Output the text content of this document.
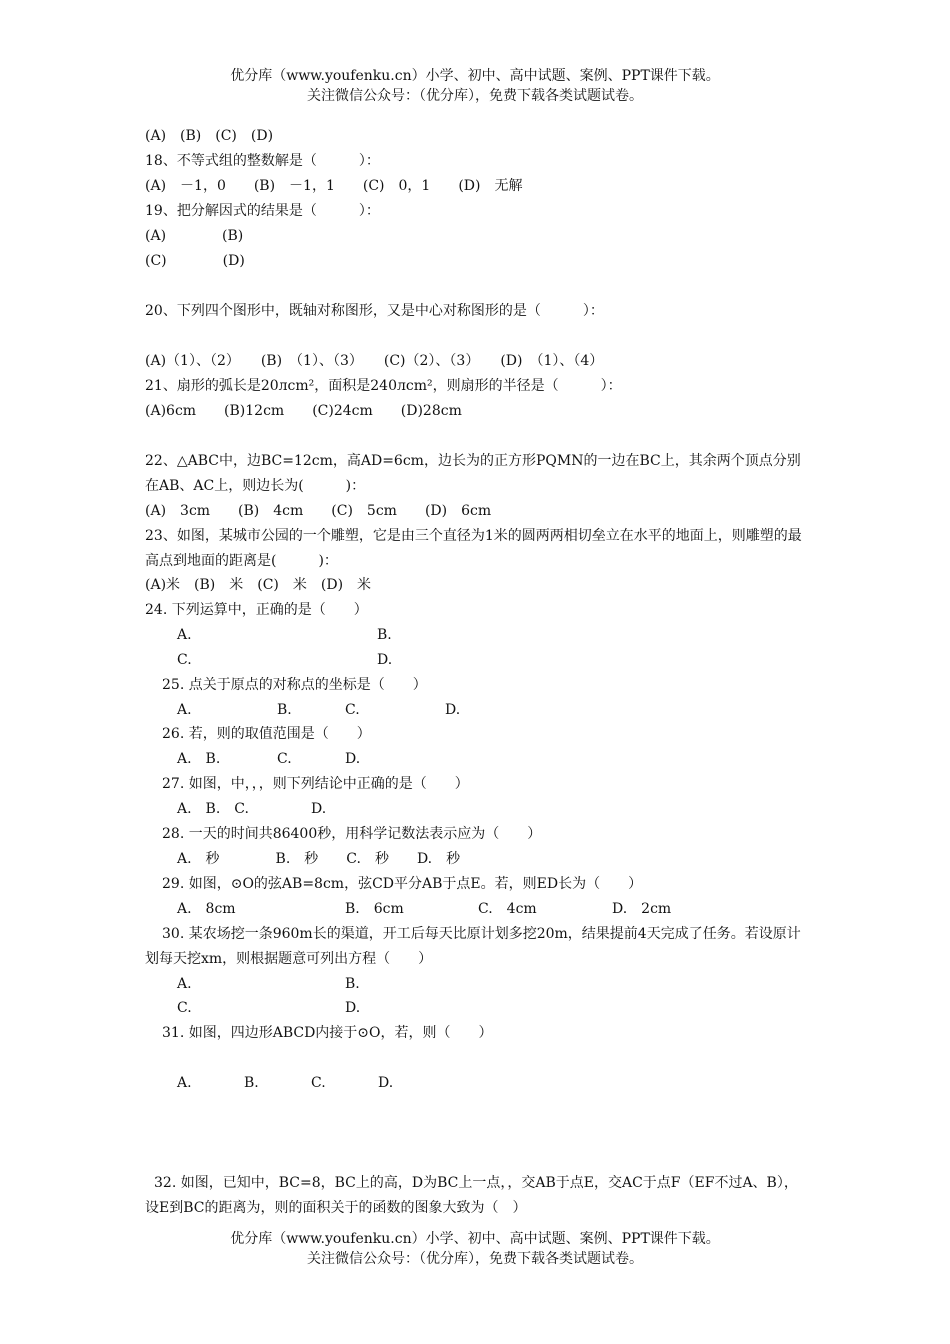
优分库（www.youfenku.cn）小学、初中、高中试题、案例、PPT课件下载。
关注微信公众号：（优分库），免费下载各类试题试卷。
(A)　(B)　(C)　(D)
18、不等式组的整数解是（　　　）：
(A)　－1，0　　(B)　－1，1　　(C)　0，1　　(D)　无解
19、把分解因式的结果是（　　　）：
(A)　　　　(B)
(C)　　　　(D)
20、下列四个图形中，既轴对称图形，又是中心对称图形的是（　　　）：
(A)（1）、（2）　　(B)　（1）、（3）　　(C)（2）、（3）　　(D)　（1）、（4）
21、扇形的弧长是20лcm²，面积是240лcm²，则扇形的半径是（　　　）：
(A)6cm　　(B)12cm　　(C)24cm　　(D)28cm
22、△ABC中，边BC=12cm，高AD=6cm，边长为的正方形PQMN的一边在BC上，其余两个顶点分别在AB、AC上，则边长为(　　　)：
(A)　3cm　　(B)　4cm　　(C)　5cm　　(D)　6cm
23、如图，某城市公园的一个雕塑，它是由三个直径为1米的圆两两相切垒立在水平的地面上，则雕塑的最高点到地面的距离是(　　　)：
(A)米　(B)　米　(C)　米　(D)　米
24. 下列运算中，正确的是（　　）
A.	B.
C.	D.
25. 点关于原点的对称点的坐标是（　　）
A.	B.	C.	D.
26. 若，则的取值范围是（　　）
A.　B.	C.	D.
27. 如图，中，，，则下列结论中正确的是（　　）
A.　B.　C.	D.
28. 一天的时间共86400秒，用科学记数法表示应为（　　）
A.　秒　　　　B.　秒　　C.　秒　　D.　秒
29. 如图，⊙O的弦AB=8cm，弦CD平分AB于点E。若，则ED长为（　　）
A.　8cm	B.　6cm	C.　4cm	D.　2cm
30. 某农场挖一条960m长的渠道，开工后每天比原计划多挖20m，结果提前4天完成了任务。若设原计划每天挖xm，则根据题意可列出方程（　　）
A.	B.
C.	D.
31. 如图，四边形ABCD内接于⊙O，若，则（　　）
A.	B.	C.	D.
32. 如图，已知中，BC=8，BC上的高，D为BC上一点，，交AB于点E，交AC于点F（EF不过A、B），设E到BC的距离为，则的面积关于的函数的图象大致为（　）
优分库（www.youfenku.cn）小学、初中、高中试题、案例、PPT课件下载。
关注微信公众号：（优分库），免费下载各类试题试卷。
